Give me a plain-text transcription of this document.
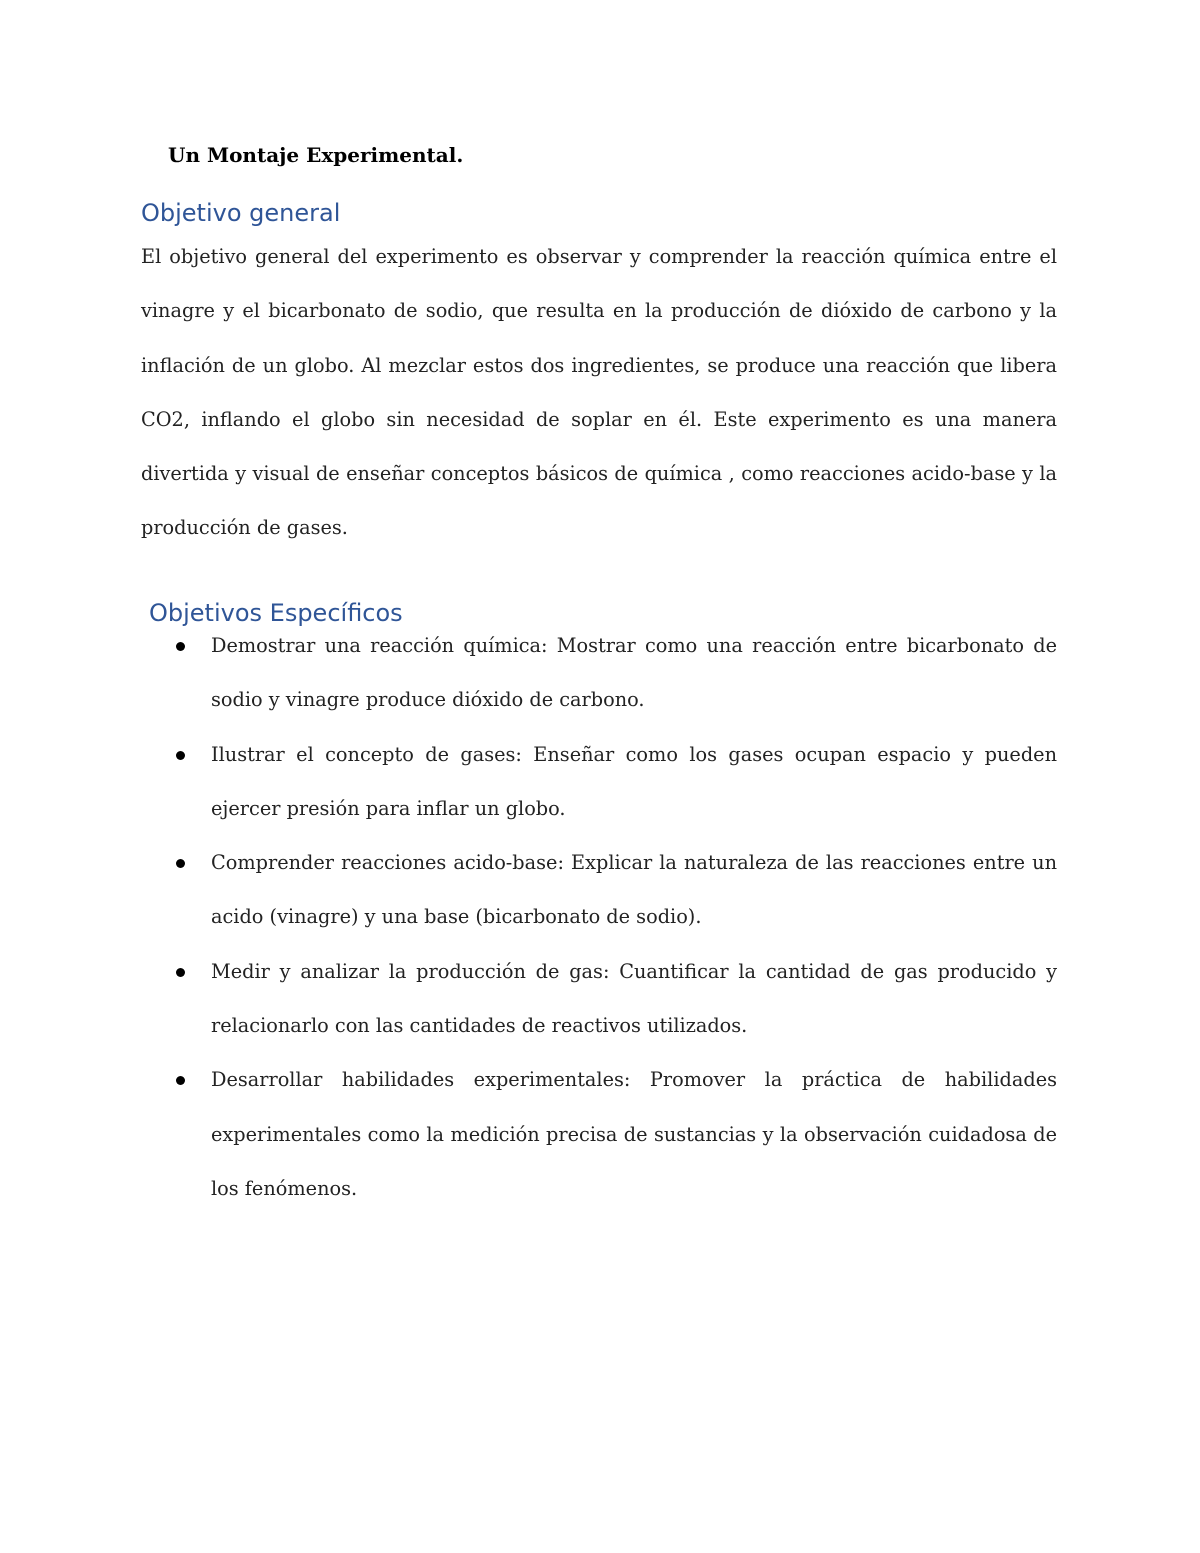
Un Montaje Experimental.
Objetivo general

El objetivo general del experimento es observar y comprender la reacción química entre el vinagre y el bicarbonato de sodio, que resulta en la producción de dióxido de carbono y la inflación de un globo. Al mezclar estos dos ingredientes, se produce una reacción que libera CO2, inflando el globo sin necesidad de soplar en él. Este experimento es una manera divertida y visual de enseñar conceptos básicos de química , como reacciones acido-base y la producción de gases.

Objetivos Específicos
Demostrar una reacción química: Mostrar como una reacción entre bicarbonato de sodio y vinagre produce dióxido de carbono.
Ilustrar el concepto de gases: Enseñar como los gases ocupan espacio y pueden ejercer presión para inflar un globo.
Comprender reacciones acido-base: Explicar la naturaleza de las reacciones entre un acido (vinagre) y una base (bicarbonato de sodio).
Medir y analizar la producción de gas: Cuantificar la cantidad de gas producido y relacionarlo con las cantidades de reactivos utilizados.
Desarrollar habilidades experimentales: Promover la práctica de habilidades experimentales como la medición precisa de sustancias y la observación cuidadosa de los fenómenos.
